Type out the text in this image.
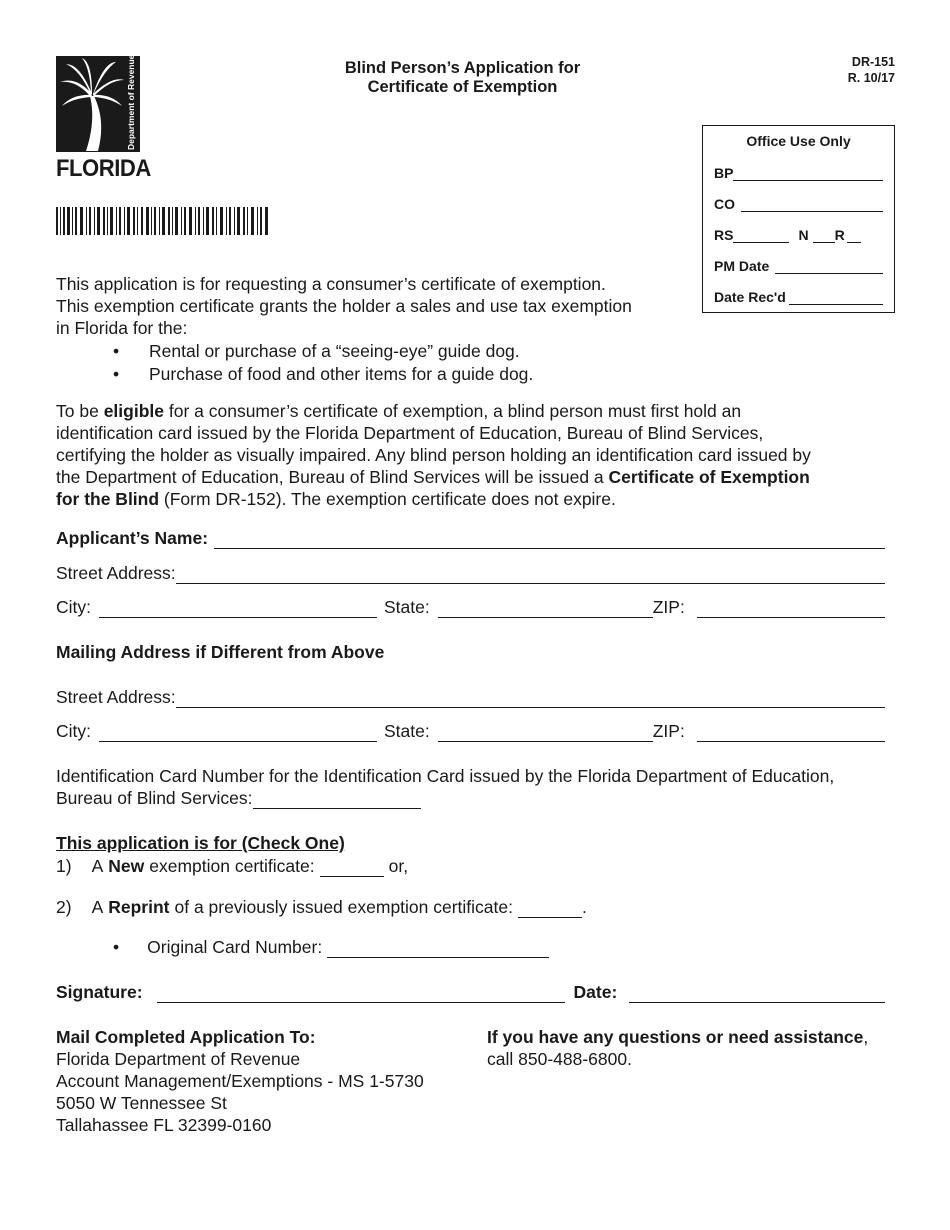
Department of Revenue
FLORIDA
Blind Person’s Application for
Certificate of Exemption
DR-151
R. 10/17
Office Use Only
BP
CO
RS	N R
PM Date
Date Rec'd
This application is for requesting a consumer’s certificate of exemption.
This exemption certificate grants the holder a sales and use tax exemption
in Florida for the:
• Rental or purchase of a “seeing-eye” guide dog.
• Purchase of food and other items for a guide dog.
To be eligible for a consumer’s certificate of exemption, a blind person must first hold an
identification card issued by the Florida Department of Education, Bureau of Blind Services,
certifying the holder as visually impaired. Any blind person holding an identification card issued by
the Department of Education, Bureau of Blind Services will be issued a Certificate of Exemption
for the Blind (Form DR-152). The exemption certificate does not expire.
Applicant’s Name:
Street Address:
City:	State:	ZIP:
Mailing Address if Different from Above
Street Address:
City:	State:	ZIP:
Identification Card Number for the Identification Card issued by the Florida Department of Education,
Bureau of Blind Services:
This application is for (Check One)
1) A New exemption certificate:	or,
2) A Reprint of a previously issued exemption certificate:	.
• Original Card Number:
Signature:	Date:
Mail Completed Application To:
Florida Department of Revenue
Account Management/Exemptions - MS 1-5730
5050 W Tennessee St
Tallahassee FL 32399-0160
If you have any questions or need assistance,
call 850-488-6800.
